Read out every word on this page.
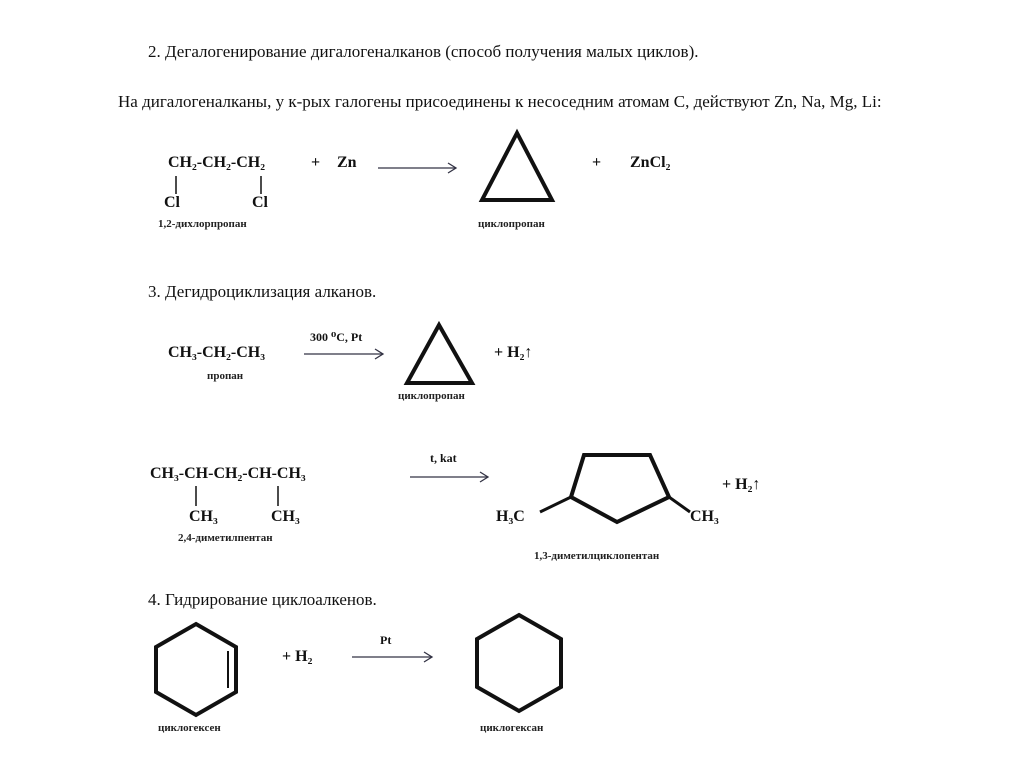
2. Дегалогенирование дигалогеналканов (способ получения малых циклов).
На дигалогеналканы, у к-рых галогены присоединены к несоседним атомам С, действуют Zn, Na, Mg, Li:
CH₂-CH₂-CH₂
Cl	Cl
+ Zn	+ ZnCl₂
1,2-дихлорпропан	циклопропан
3. Дегидроциклизация алканов.
CH₃-CH₂-CH₃
пропан
300 ⁰C, Pt
+ H₂↑
циклопропан
CH₃-CH-CH₂-CH-CH₃
CH₃	CH₃
2,4-диметилпентан
t, kat
H₃C	CH₃
+ H₂↑
1,3-диметилциклопентан
4. Гидрирование циклоалкенов.
+ H₂
Pt
циклогексен	циклогексан
